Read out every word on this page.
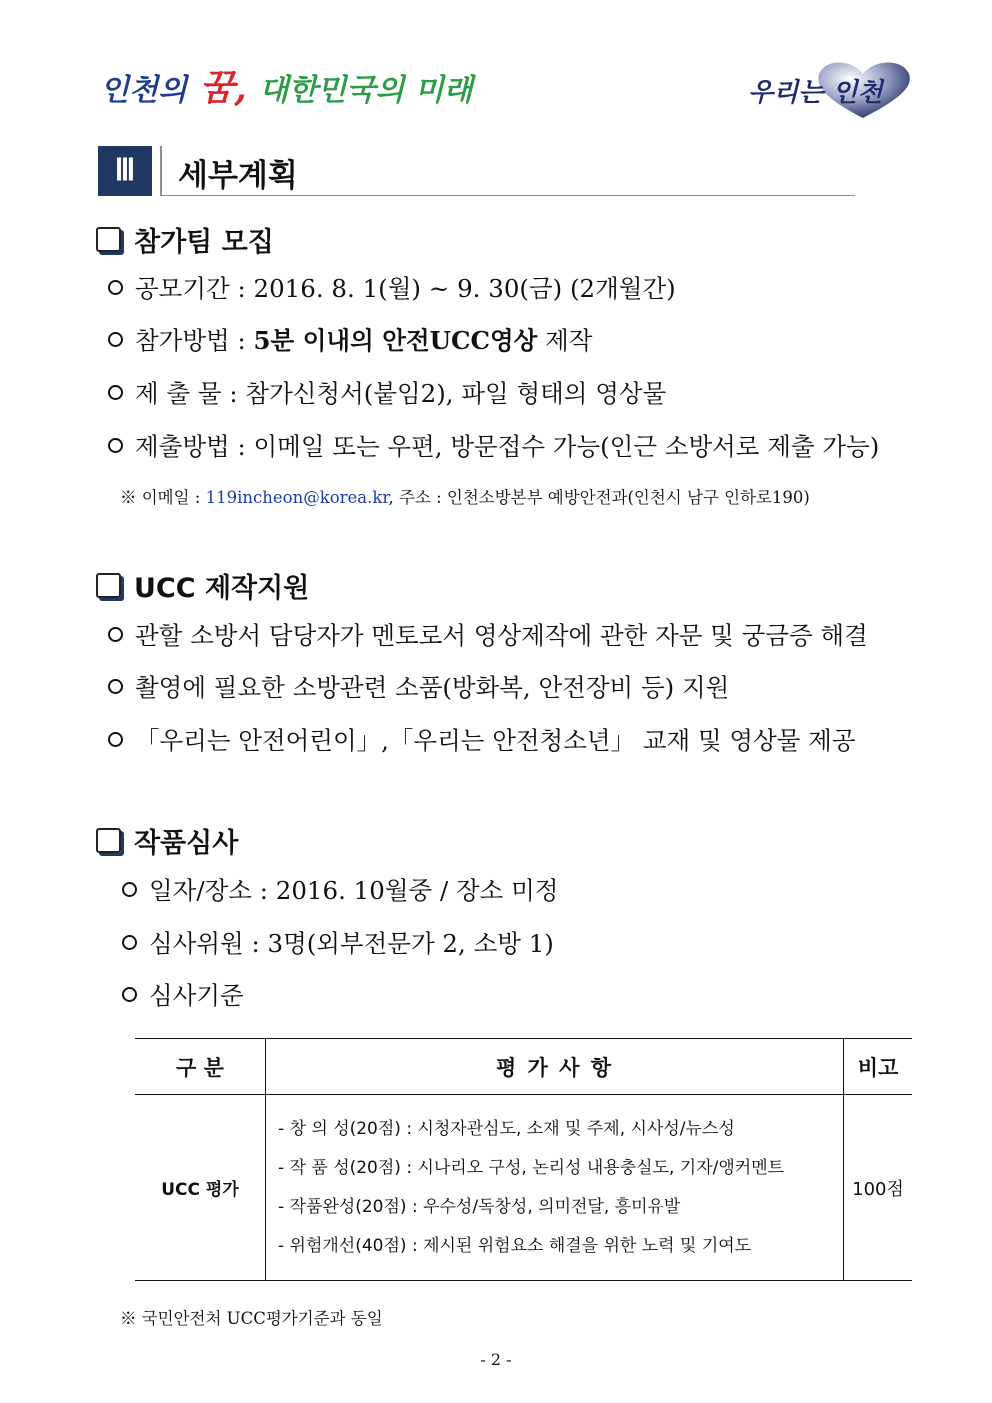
인천의 꿈, 대한민국의 미래	우리는 인천
Ⅲ	세부계획
참가팀 모집
공모기간 : 2016. 8. 1(월) ~ 9. 30(금) (2개월간)
참가방법 : 5분 이내의 안전UCC영상 제작
제 출 물 : 참가신청서(붙임2), 파일 형태의 영상물
제출방법 : 이메일 또는 우편, 방문접수 가능(인근 소방서로 제출 가능)
※ 이메일 : 119incheon@korea.kr, 주소 : 인천소방본부 예방안전과(인천시 남구 인하로190)
UCC 제작지원
관할 소방서 담당자가 멘토로서 영상제작에 관한 자문 및 궁금증 해결
촬영에 필요한 소방관련 소품(방화복, 안전장비 등) 지원
「우리는 안전어린이」,「우리는 안전청소년」 교재 및 영상물 제공
작품심사
일자/장소 : 2016. 10월중 / 장소 미정
심사위원 : 3명(외부전문가 2, 소방 1)
심사기준
구 분	평 가 사 항	비고
UCC 평가	- 창 의 성(20점) : 시청자관심도, 소재 및 주제, 시사성/뉴스성
- 작 품 성(20점) : 시나리오 구성, 논리성 내용충실도, 기자/앵커멘트
- 작품완성(20점) : 우수성/독창성, 의미전달, 흥미유발
- 위험개선(40점) : 제시된 위험요소 해결을 위한 노력 및 기여도	100점
※ 국민안전처 UCC평가기준과 동일
- 2 -
